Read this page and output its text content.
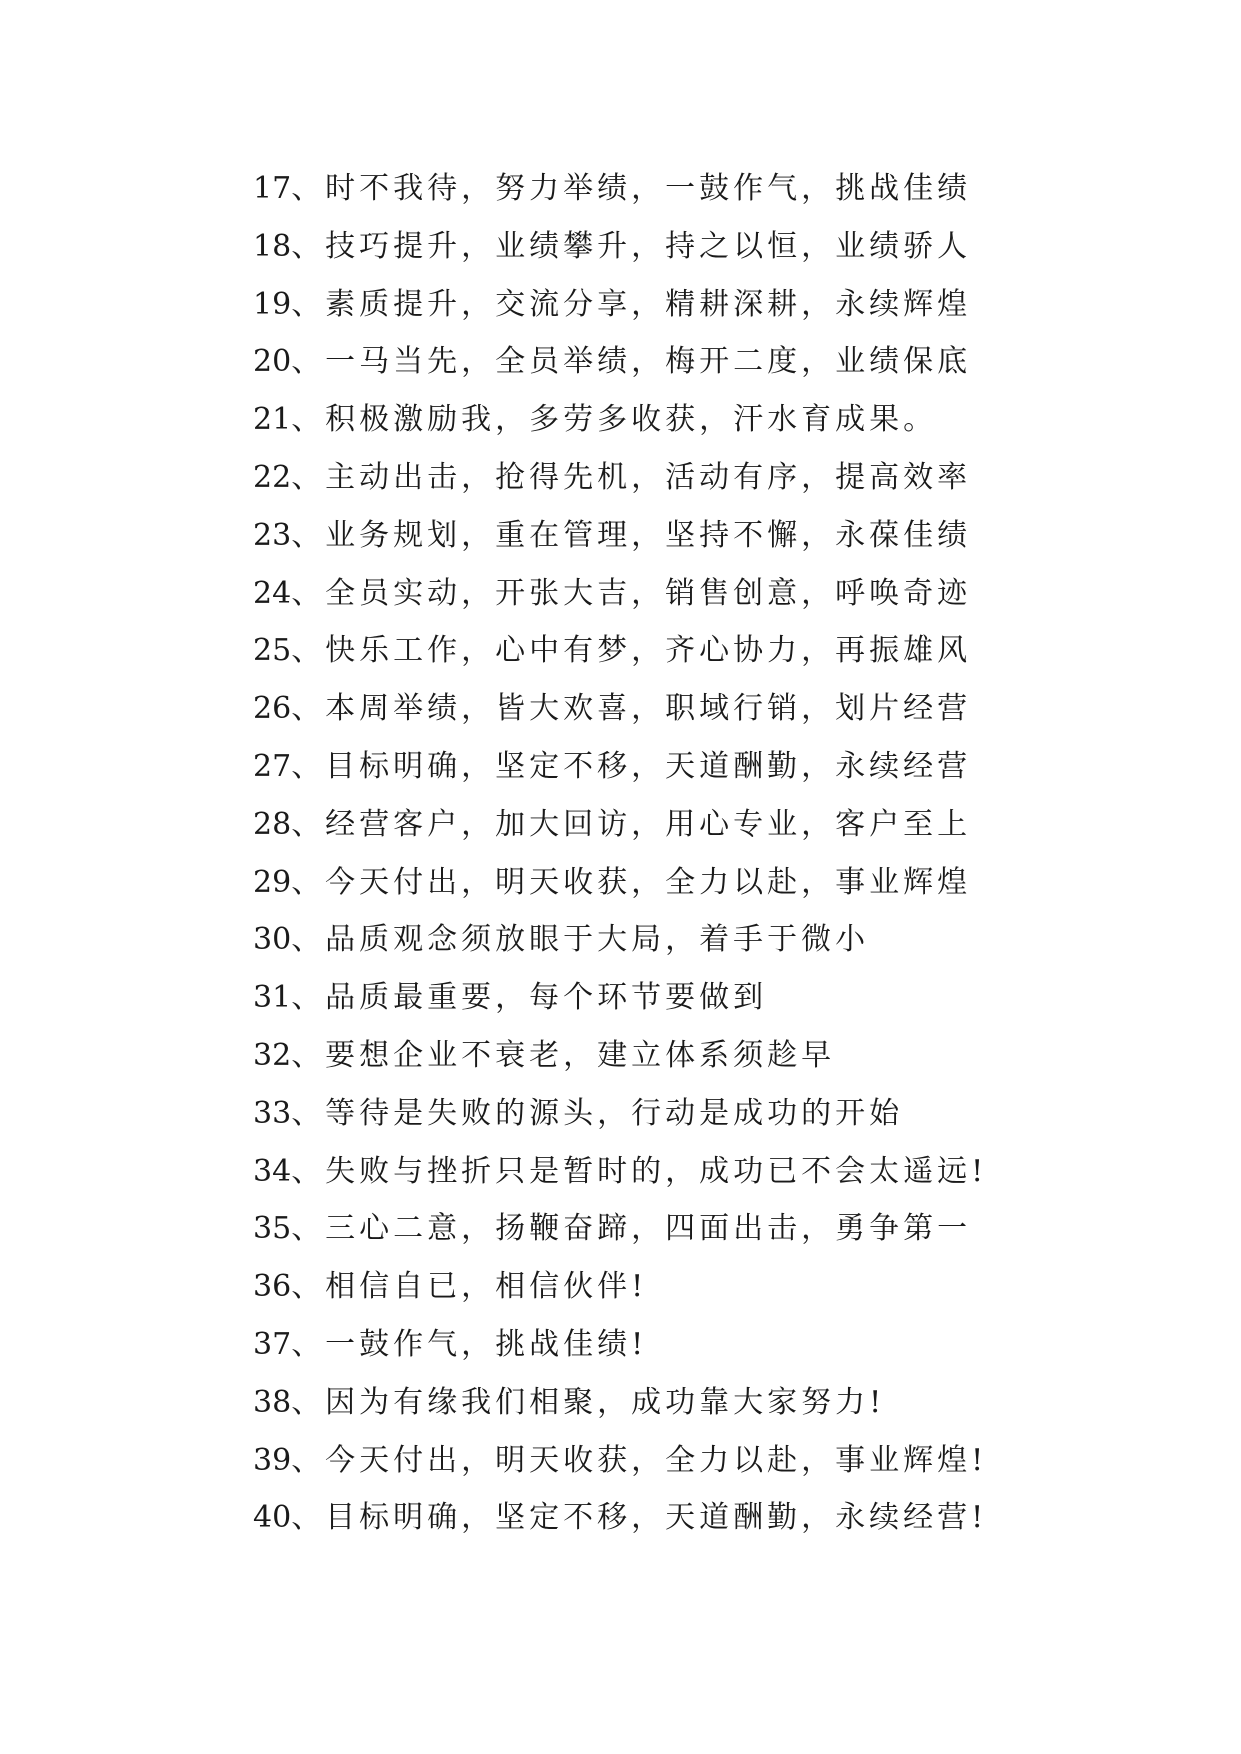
17、时不我待，努力举绩，一鼓作气，挑战佳绩
18、技巧提升，业绩攀升，持之以恒，业绩骄人
19、素质提升，交流分享，精耕深耕，永续辉煌
20、一马当先，全员举绩，梅开二度，业绩保底
21、积极激励我，多劳多收获，汗水育成果。
22、主动出击，抢得先机，活动有序，提高效率
23、业务规划，重在管理，坚持不懈，永葆佳绩
24、全员实动，开张大吉，销售创意，呼唤奇迹
25、快乐工作，心中有梦，齐心协力，再振雄风
26、本周举绩，皆大欢喜，职域行销，划片经营
27、目标明确，坚定不移，天道酬勤，永续经营
28、经营客户，加大回访，用心专业，客户至上
29、今天付出，明天收获，全力以赴，事业辉煌
30、品质观念须放眼于大局，着手于微小
31、品质最重要，每个环节要做到
32、要想企业不衰老，建立体系须趁早
33、等待是失败的源头，行动是成功的开始
34、失败与挫折只是暂时的，成功已不会太遥远!
35、三心二意，扬鞭奋蹄，四面出击，勇争第一
36、相信自已，相信伙伴!
37、一鼓作气，挑战佳绩!
38、因为有缘我们相聚，成功靠大家努力!
39、今天付出，明天收获，全力以赴，事业辉煌!
40、目标明确，坚定不移，天道酬勤，永续经营!
